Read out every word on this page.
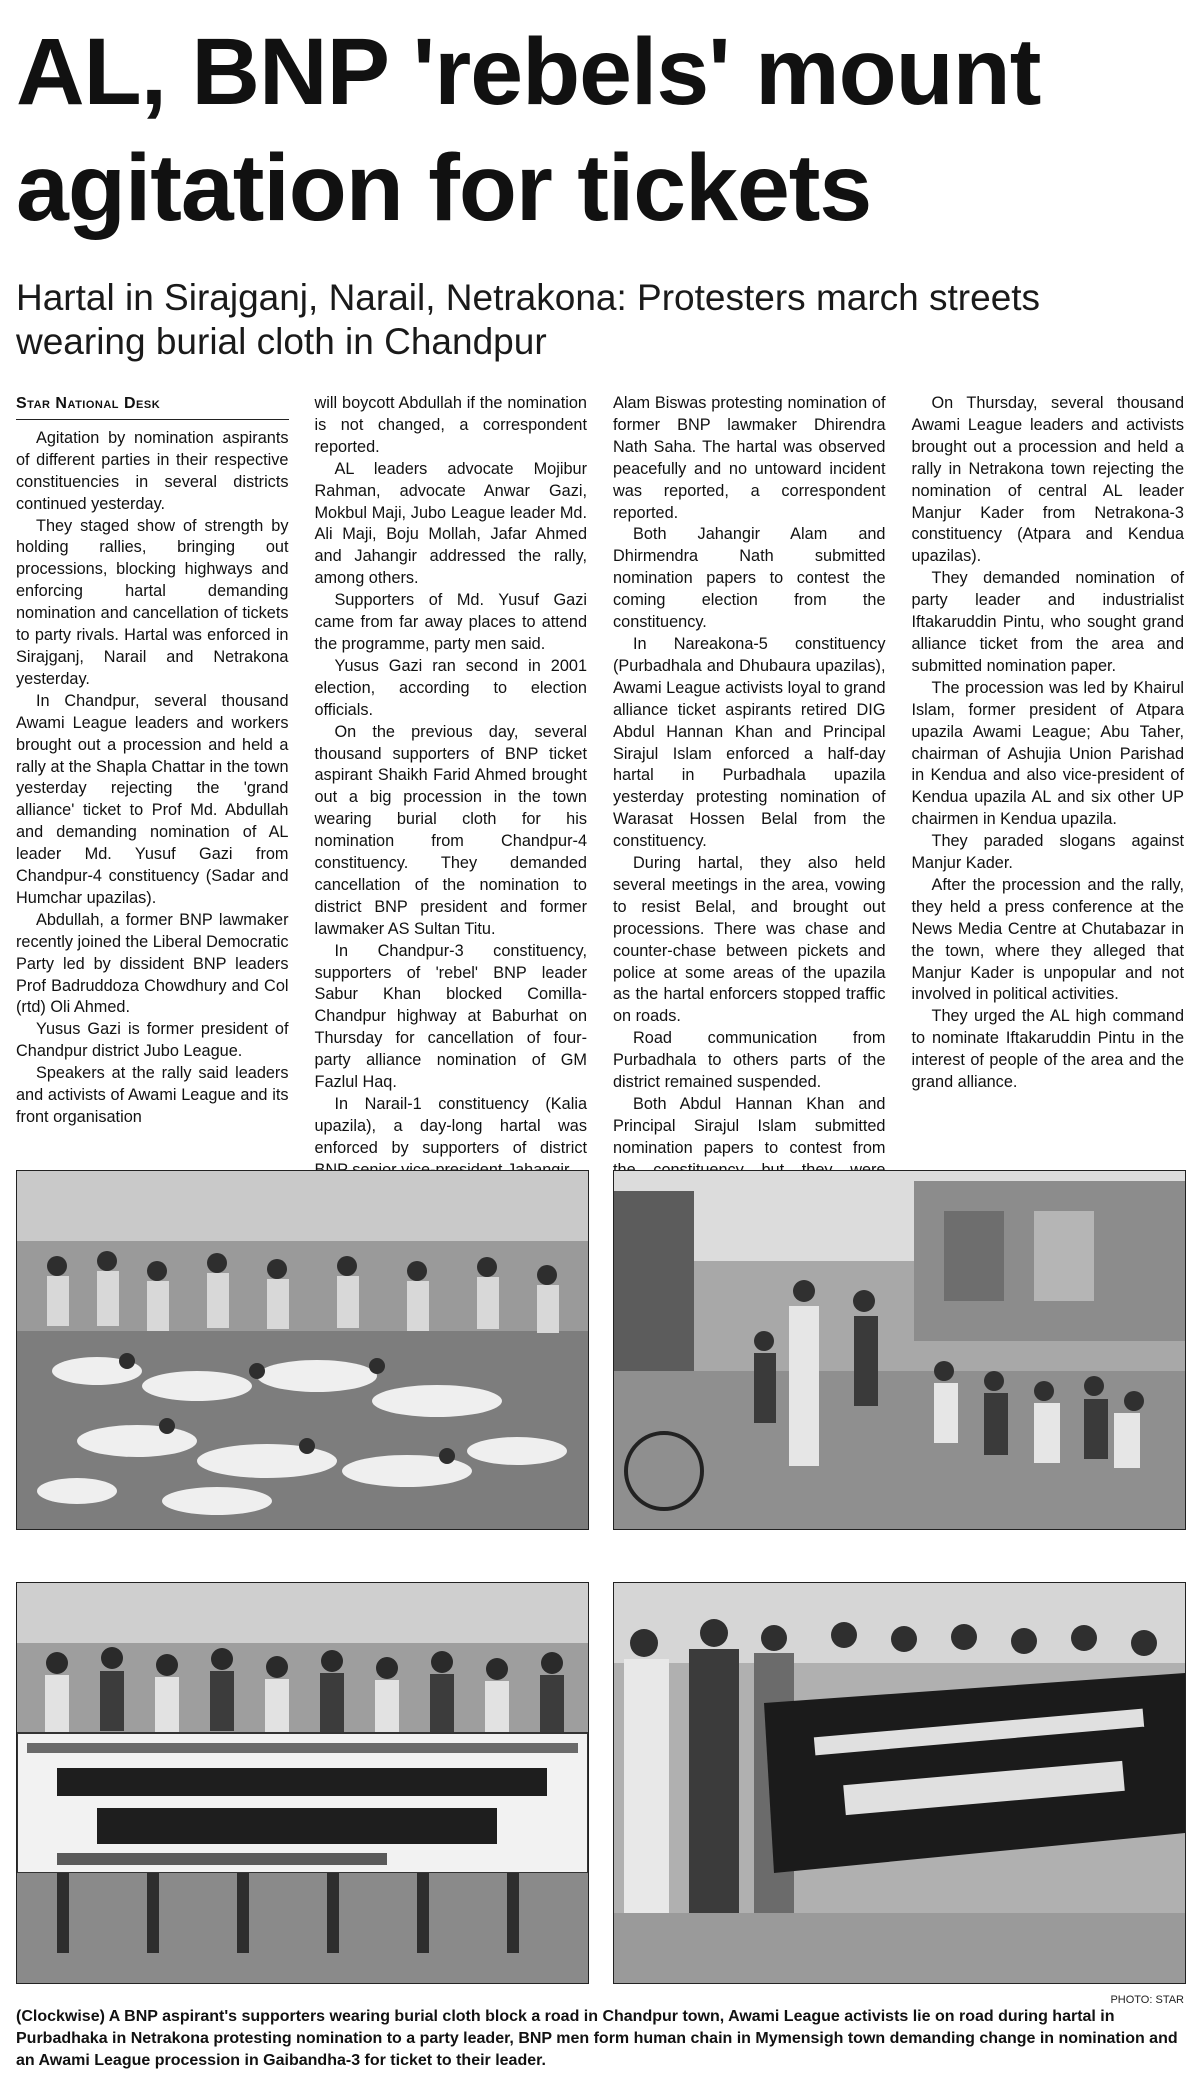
AL, BNP 'rebels' mount agitation for tickets
Hartal in Sirajganj, Narail, Netrakona: Protesters march streets wearing burial cloth in Chandpur
Star National Desk

Agitation by nomination aspirants of different parties in their respective constituencies in several districts continued yesterday.

They staged show of strength by holding rallies, bringing out processions, blocking highways and enforcing hartal demanding nomination and cancellation of tickets to party rivals. Hartal was enforced in Sirajganj, Narail and Netrakona yesterday.

In Chandpur, several thousand Awami League leaders and workers brought out a procession and held a rally at the Shapla Chattar in the town yesterday rejecting the 'grand alliance' ticket to Prof Md. Abdullah and demanding nomination of AL leader Md. Yusuf Gazi from Chandpur-4 constituency (Sadar and Humchar upazilas).

Abdullah, a former BNP lawmaker recently joined the Liberal Democratic Party led by dissident BNP leaders Prof Badruddoza Chowdhury and Col (rtd) Oli Ahmed.

Yusus Gazi is former president of Chandpur district Jubo League.

Speakers at the rally said leaders and activists of Awami League and its front organisation

will boycott Abdullah if the nomination is not changed, a correspondent reported.

AL leaders advocate Mojibur Rahman, advocate Anwar Gazi, Mokbul Maji, Jubo League leader Md. Ali Maji, Boju Mollah, Jafar Ahmed and Jahangir addressed the rally, among others.

Supporters of Md. Yusuf Gazi came from far away places to attend the programme, party men said.

Yusus Gazi ran second in 2001 election, according to election officials.

On the previous day, several thousand supporters of BNP ticket aspirant Shaikh Farid Ahmed brought out a big procession in the town wearing burial cloth for his nomination from Chandpur-4 constituency. They demanded cancellation of the nomination to district BNP president and former lawmaker AS Sultan Titu.

In Chandpur-3 constituency, supporters of 'rebel' BNP leader Sabur Khan blocked Comilla-Chandpur highway at Baburhat on Thursday for cancellation of four-party alliance nomination of GM Fazlul Haq.

In Narail-1 constituency (Kalia upazila), a day-long hartal was enforced by supporters of district

Alam Biswas protesting nomination of former BNP lawmaker Dhirendra Nath Saha. The hartal was observed peacefully and no untoward incident was reported, a correspondent reported.

Both Jahangir Alam and Dhirmendra Nath submitted nomination papers to contest the coming election from the constituency.

In Nareakona-5 constituency (Purbadhala and Dhubaura upazilas), Awami League activists loyal to grand alliance ticket aspirants retired DIG Abdul Hannan Khan and Principal Sirajul Islam enforced a half-day hartal in Purbadhala upazila yesterday protesting nomination of Warasat Hossen Belal from the constituency.

During hartal, they also held several meetings in the area, vowing to resist Belal, and brought out processions. There was chase and counter-chase between pickets and police at some areas of the upazila as the hartal enforcers stopped traffic on roads.

Road communication from Purbadhala to others parts of the district remained suspended.

Both Abdul Hannan Khan and Principal Sirajul Islam submitted nomination papers to contest from

On Thursday, several thousand Awami League leaders and activists brought out a procession and held a rally in Netrakona town rejecting the nomination of central AL leader Manjur Kader from Netrakona-3 constituency (Atpara and Kendua upazilas).

They demanded nomination of party leader and industrialist Iftakaruddin Pintu, who sought grand alliance ticket from the area and submitted nomination paper.

The procession was led by Khairul Islam, former president of Atpara upazila Awami League; Abu Taher, chairman of Ashujia Union Parishad in Kendua and also vice-president of Kendua upazila AL and six other UP chairmen in Kendua upazila.

They paraded slogans against Manjur Kader.

After the procession and the rally, they held a press conference at the News Media Centre at Chutabazar in the town, where they alleged that Manjur Kader is unpopular and not involved in political activities.

They urged the AL high command to nominate Iftakaruddin Pintu in the interest of people of the area and the grand alliance.

PHOTO: STAR

(Clockwise) A BNP aspirant's supporters wearing burial cloth block a road in Chandpur town, Awami League activists lie on road during hartal in Purbadhaka in Netrakona protesting nomination to a party leader, BNP men form human chain in Mymensigh town demanding change in nomination and an Awami League procession in Gaibandha-3 for ticket to their leader.
